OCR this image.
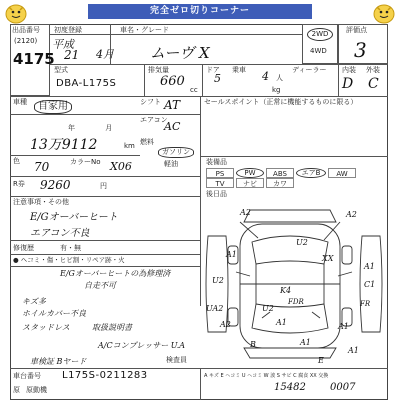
完全ゼロ切りコーナー
出品番号
(2120)
4175
初度登録	車名・グレード
平成
21 4月 ムーヴ X
2WD
4WD
評価点
3
型式
DBA-L175S
排気量
660
cc
ドア
5
乗車 4 人
kg
ディーラー 内装 外装
D C
車種	シフト
自家用	AT
年 月
エアコン
AC
13万9112	km 燃料
ガソリン
軽油
色 70	カラーNo X06
R券 9260	円
セールスポイント（正常に機能するものに限る）
装備品
PS	PW	ABS	エアB	AW
TV	ナビ	カワ
後日品
注意事項・その他
E/Gオーバーヒート
エアコン不良
修復歴	有・無
● ヘコミ・傷・ヒビ割・リペア跡・火
E/Gオーバーヒートの為修理済
自走不可
キズ多
ホイルカバー不良
スタッドレス	取扱説明書
A/Cコンプレッサー U.A
車検証 Bヤード	検査員
A2	A2
U2
A1
U2
A1
C1
UA2
A2
U2
A1
K4
FDR
XX
A1
A1
A1
B
E
FR
車台番号 L175S-0211283
原 原動機
A キズ E ヘコミ U ヘコミ W 波 S サビ C 腐食 XX 交換
15482 0007
